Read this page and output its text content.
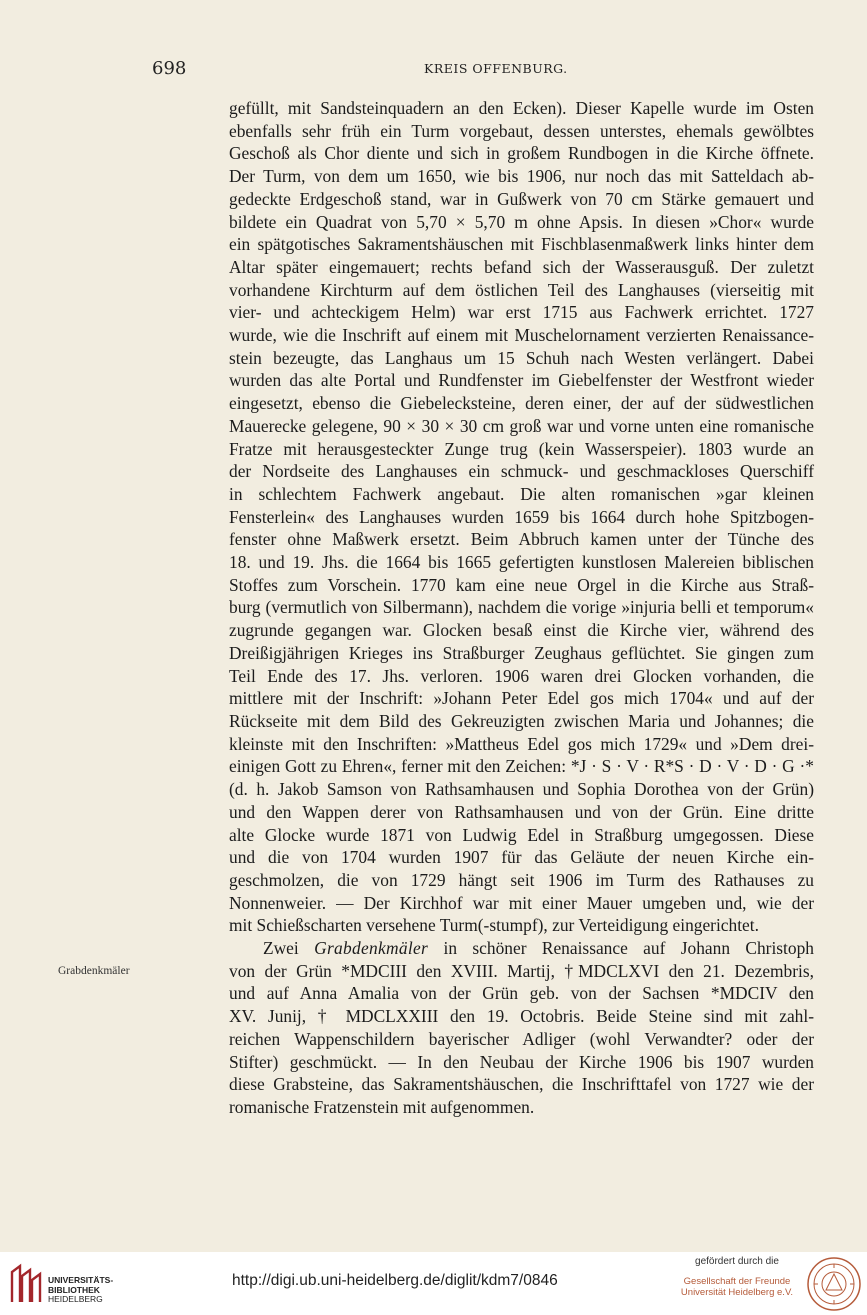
698	KREIS OFFENBURG.
Grabdenkmäler
gefüllt, mit Sandsteinquadern an den Ecken). Dieser Kapelle wurde im Osten
ebenfalls sehr früh ein Turm vorgebaut, dessen unterstes, ehemals gewölbtes
Geschoß als Chor diente und sich in großem Rundbogen in die Kirche öffnete.
Der Turm, von dem um 1650, wie bis 1906, nur noch das mit Satteldach ab-
gedeckte Erdgeschoß stand, war in Gußwerk von 70 cm Stärke gemauert und
bildete ein Quadrat von 5,70 × 5,70 m ohne Apsis. In diesen »Chor« wurde
ein spätgotisches Sakramentshäuschen mit Fischblasenmaßwerk links hinter dem
Altar später eingemauert; rechts befand sich der Wasserausguß. Der zuletzt
vorhandene Kirchturm auf dem östlichen Teil des Langhauses (vierseitig mit
vier- und achteckigem Helm) war erst 1715 aus Fachwerk errichtet. 1727
wurde, wie die Inschrift auf einem mit Muschelornament verzierten Renaissance-
stein bezeugte, das Langhaus um 15 Schuh nach Westen verlängert. Dabei
wurden das alte Portal und Rundfenster im Giebelfenster der Westfront wieder
eingesetzt, ebenso die Giebelecksteine, deren einer, der auf der südwestlichen
Mauerecke gelegene, 90 × 30 × 30 cm groß war und vorne unten eine romanische
Fratze mit herausgesteckter Zunge trug (kein Wasserspeier). 1803 wurde an
der Nordseite des Langhauses ein schmuck- und geschmackloses Querschiff
in schlechtem Fachwerk angebaut. Die alten romanischen »gar kleinen
Fensterlein« des Langhauses wurden 1659 bis 1664 durch hohe Spitzbogen-
fenster ohne Maßwerk ersetzt. Beim Abbruch kamen unter der Tünche des
18. und 19. Jhs. die 1664 bis 1665 gefertigten kunstlosen Malereien biblischen
Stoffes zum Vorschein. 1770 kam eine neue Orgel in die Kirche aus Straß-
burg (vermutlich von Silbermann), nachdem die vorige »injuria belli et temporum«
zugrunde gegangen war. Glocken besaß einst die Kirche vier, während des
Dreißigjährigen Krieges ins Straßburger Zeughaus geflüchtet. Sie gingen zum
Teil Ende des 17. Jhs. verloren. 1906 waren drei Glocken vorhanden, die
mittlere mit der Inschrift: »Johann Peter Edel gos mich 1704« und auf der
Rückseite mit dem Bild des Gekreuzigten zwischen Maria und Johannes; die
kleinste mit den Inschriften: »Mattheus Edel gos mich 1729« und »Dem drei-
einigen Gott zu Ehren«, ferner mit den Zeichen: *J · S · V · R*S · D · V · D · G ·*
(d. h. Jakob Samson von Rathsamhausen und Sophia Dorothea von der Grün)
und den Wappen derer von Rathsamhausen und von der Grün. Eine dritte
alte Glocke wurde 1871 von Ludwig Edel in Straßburg umgegossen. Diese
und die von 1704 wurden 1907 für das Geläute der neuen Kirche ein-
geschmolzen, die von 1729 hängt seit 1906 im Turm des Rathauses zu
Nonnenweier. — Der Kirchhof war mit einer Mauer umgeben und, wie der
mit Schießscharten versehene Turm(-stumpf), zur Verteidigung eingerichtet.
Zwei Grabdenkmäler in schöner Renaissance auf Johann Christoph
von der Grün *MDCIII den XVIII. Martij, †MDCLXVI den 21. Dezembris,
und auf Anna Amalia von der Grün geb. von der Sachsen *MDCIV den
XV. Junij, † MDCLXXIII den 19. Octobris. Beide Steine sind mit zahl-
reichen Wappenschildern bayerischer Adliger (wohl Verwandter? oder der
Stifter) geschmückt. — In den Neubau der Kirche 1906 bis 1907 wurden
diese Grabsteine, das Sakramentshäuschen, die Inschrifttafel von 1727 wie der
romanische Fratzenstein mit aufgenommen.
UNIVERSITÄTS-
BIBLIOTHEK
HEIDELBERG
http://digi.ub.uni-heidelberg.de/diglit/kdm7/0846
gefördert durch die
Gesellschaft der Freunde
Universität Heidelberg e.V.
